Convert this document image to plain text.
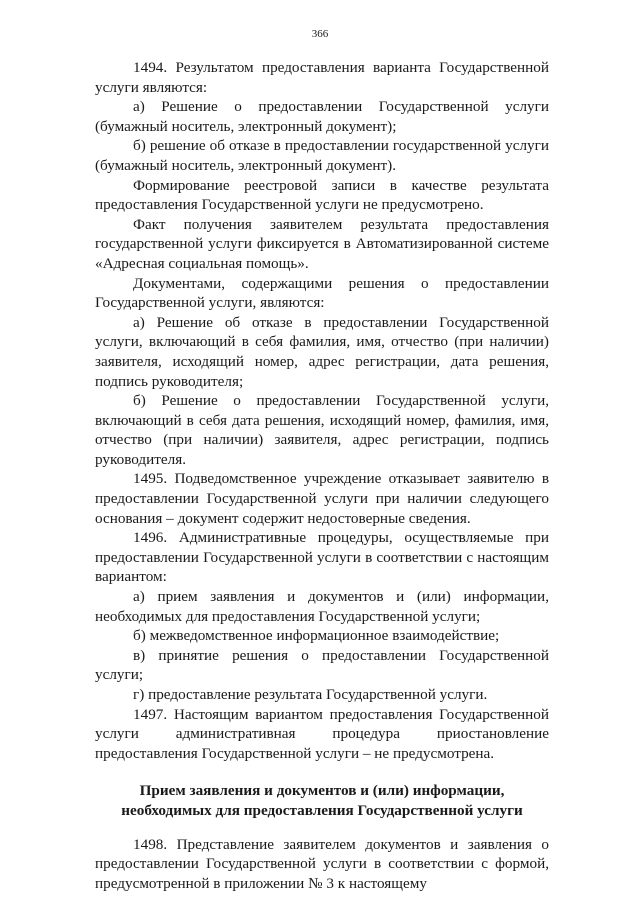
366

1494. Результатом предоставления варианта Государственной услуги являются:

а) Решение о предоставлении Государственной услуги (бумажный носитель, электронный документ);

б) решение об отказе в предоставлении государственной услуги (бумажный носитель, электронный документ).

Формирование реестровой записи в качестве результата предоставления Государственной услуги не предусмотрено.

Факт получения заявителем результата предоставления государственной услуги фиксируется в Автоматизированной системе «Адресная социальная помощь».

Документами, содержащими решения о предоставлении Государственной услуги, являются:

а) Решение об отказе в предоставлении Государственной услуги, включающий в себя фамилия, имя, отчество (при наличии) заявителя, исходящий номер, адрес регистрации, дата решения, подпись руководителя;

б) Решение о предоставлении Государственной услуги, включающий в себя дата решения, исходящий номер, фамилия, имя, отчество (при наличии) заявителя, адрес регистрации, подпись руководителя.

1495. Подведомственное учреждение отказывает заявителю в предоставлении Государственной услуги при наличии следующего основания – документ содержит недостоверные сведения.

1496. Административные процедуры, осуществляемые при предоставлении Государственной услуги в соответствии с настоящим вариантом:

а) прием заявления и документов и (или) информации, необходимых для предоставления Государственной услуги;

б) межведомственное информационное взаимодействие;

в) принятие решения о предоставлении Государственной услуги;

г) предоставление результата Государственной услуги.

1497. Настоящим вариантом предоставления Государственной услуги административная процедура приостановление предоставления Государственной услуги – не предусмотрена.

Прием заявления и документов и (или) информации,
необходимых для предоставления Государственной услуги

1498. Представление заявителем документов и заявления о предоставлении Государственной услуги в соответствии с формой, предусмотренной в приложении № 3 к настоящему
